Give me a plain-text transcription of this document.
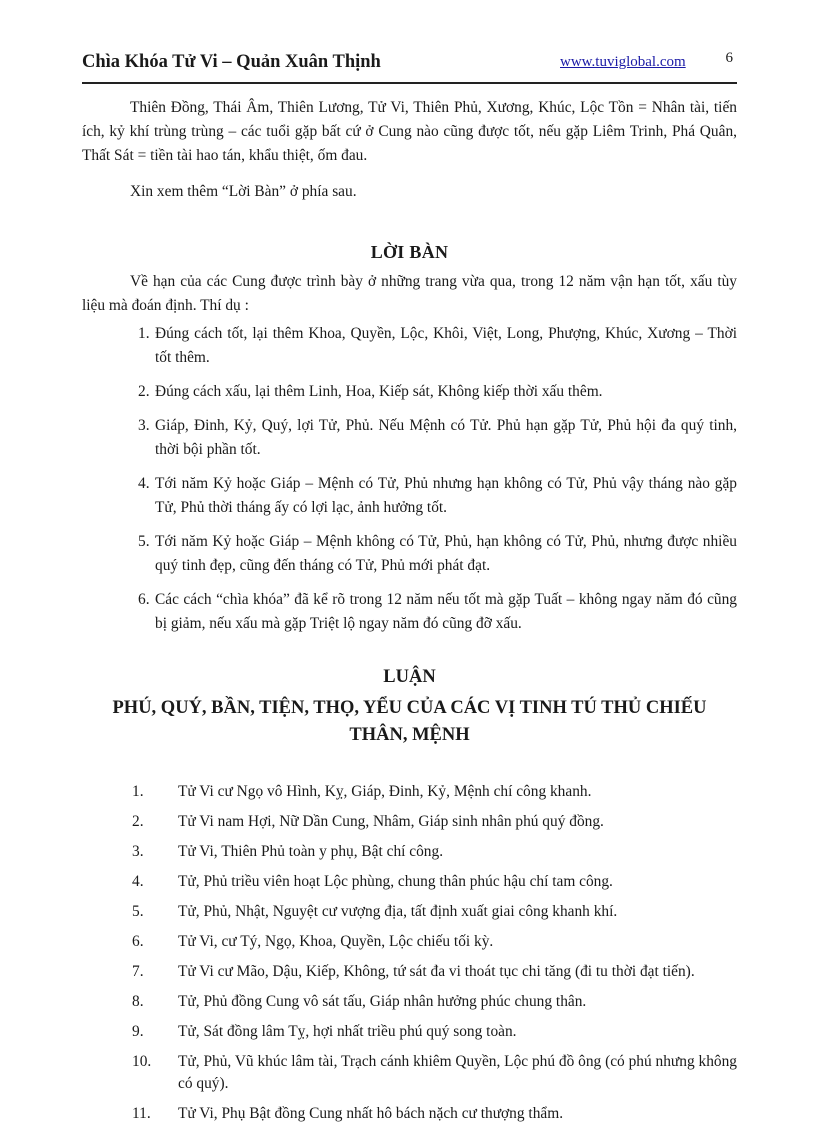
Chìa Khóa Tử Vi – Quản Xuân Thịnh	www.tuviglobal.com	6

Thiên Đồng, Thái Âm, Thiên Lương, Tử Vi, Thiên Phủ, Xương, Khúc, Lộc Tồn = Nhân tài, tiến ích, kỷ khí trùng trùng – các tuổi gặp bất cứ ở Cung nào cũng được tốt, nếu gặp Liêm Trinh, Phá Quân, Thất Sát = tiền tài hao tán, khẩu thiệt, ốm đau.

Xin xem thêm “Lời Bàn” ở phía sau.

LỜI BÀN

Về hạn của các Cung được trình bày ở những trang vừa qua, trong 12 năm vận hạn tốt, xấu tùy liệu mà đoán định. Thí dụ :

1. Đúng cách tốt, lại thêm Khoa, Quyền, Lộc, Khôi, Việt, Long, Phượng, Khúc, Xương – Thời tốt thêm.
2. Đúng cách xấu, lại thêm Linh, Hoa, Kiếp sát, Không kiếp thời xấu thêm.
3. Giáp, Đinh, Kỷ, Quý, lợi Tử, Phủ. Nếu Mệnh có Tử. Phủ hạn gặp Tử, Phủ hội đa quý tinh, thời bội phần tốt.
4. Tới năm Kỷ hoặc Giáp – Mệnh có Tử, Phủ nhưng hạn không có Tử, Phủ vậy tháng nào gặp Tử, Phủ thời tháng ấy có lợi lạc, ảnh hưởng tốt.
5. Tới năm Kỷ hoặc Giáp – Mệnh không có Tử, Phủ, hạn không có Tử, Phủ, nhưng được nhiều quý tinh đẹp, cũng đến tháng có Tử, Phủ mới phát đạt.
6. Các cách “chìa khóa” đã kể rõ trong 12 năm nếu tốt mà gặp Tuất – không ngay năm đó cũng bị giảm, nếu xấu mà gặp Triệt lộ ngay năm đó cũng đỡ xấu.
LUẬN
PHÚ, QUÝ, BẦN, TIỆN, THỌ, YỂU CỦA CÁC VỊ TINH TÚ THỦ CHIẾU THÂN, MỆNH
1. Tử Vi cư Ngọ vô Hình, Kỵ, Giáp, Đinh, Kỷ, Mệnh chí công khanh.
2. Tử Vi nam Hợi, Nữ Dần Cung, Nhâm, Giáp sinh nhân phú quý đồng.
3. Tử Vi, Thiên Phủ toàn y phụ, Bật chí công.
4. Tử, Phủ triều viên hoạt Lộc phùng, chung thân phúc hậu chí tam công.
5. Tử, Phủ, Nhật, Nguyệt cư vượng địa, tất định xuất giai công khanh khí.
6. Tử Vi, cư Tý, Ngọ, Khoa, Quyền, Lộc chiếu tối kỳ.
7. Tử Vi cư Mão, Dậu, Kiếp, Không, tứ sát đa vi thoát tục chi tăng (đi tu thời đạt tiến).
8. Tử, Phủ đồng Cung vô sát tấu, Giáp nhân hưởng phúc chung thân.
9. Tử, Sát đồng lâm Tỵ, hợi nhất triều phú quý song toàn.
10. Tử, Phủ, Vũ khúc lâm tài, Trạch cánh khiêm Quyền, Lộc phú đồ ông (có phú nhưng không có quý).
11. Tử Vi, Phụ Bật đồng Cung nhất hô bách nặch cư thượng thẩm.
